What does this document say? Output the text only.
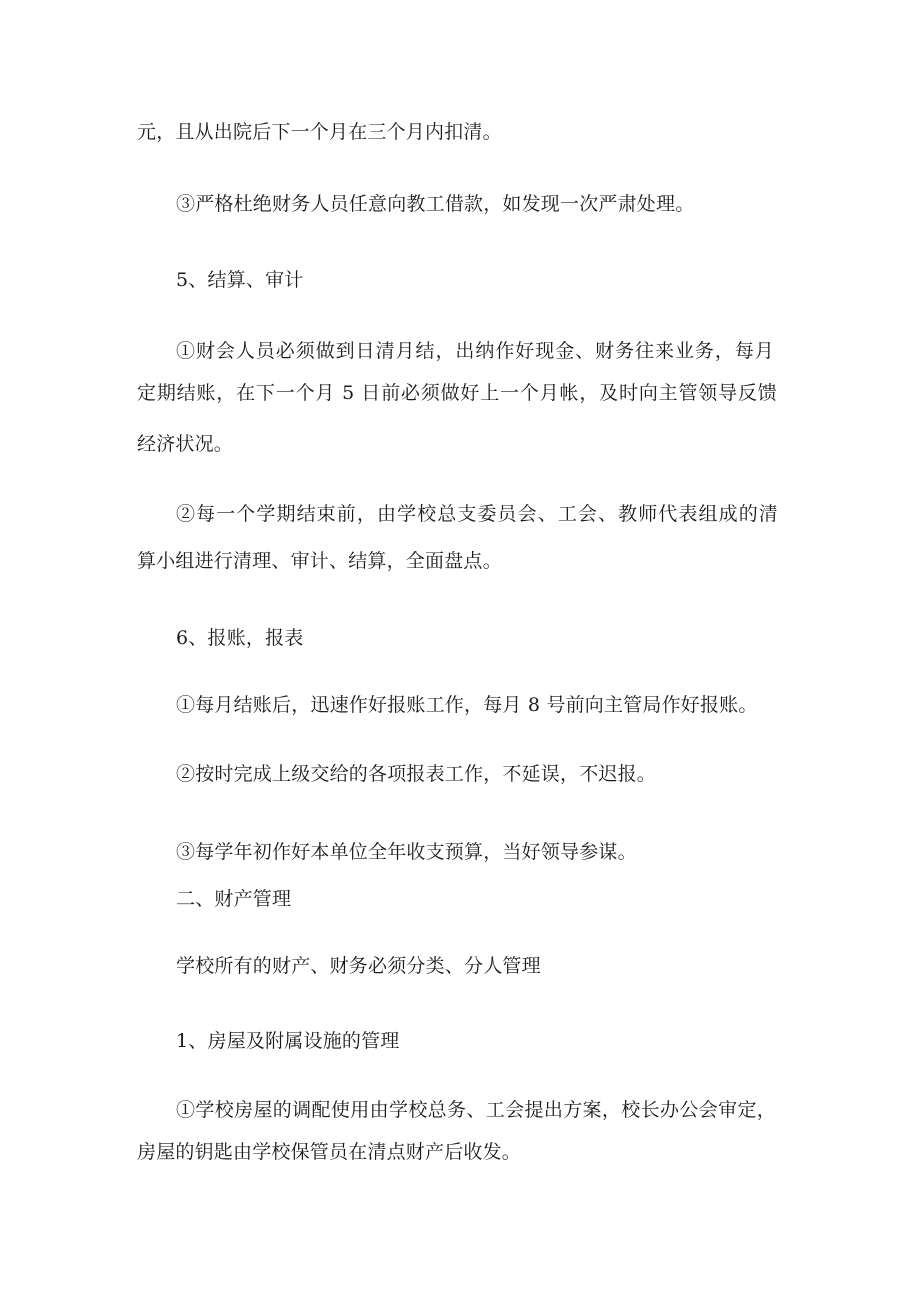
元，且从出院后下一个月在三个月内扣清。
③严格杜绝财务人员任意向教工借款，如发现一次严肃处理。
5、结算、审计
①财会人员必须做到日清月结，出纳作好现金、财务往来业务，每月
定期结账，在下一个月 5 日前必须做好上一个月帐，及时向主管领导反馈
经济状况。
②每一个学期结束前，由学校总支委员会、工会、教师代表组成的清
算小组进行清理、审计、结算，全面盘点。
6、报账，报表
①每月结账后，迅速作好报账工作，每月 8 号前向主管局作好报账。
②按时完成上级交给的各项报表工作，不延误，不迟报。
③每学年初作好本单位全年收支预算，当好领导参谋。
二、财产管理
学校所有的财产、财务必须分类、分人管理
1、房屋及附属设施的管理
①学校房屋的调配使用由学校总务、工会提出方案，校长办公会审定，
房屋的钥匙由学校保管员在清点财产后收发。
